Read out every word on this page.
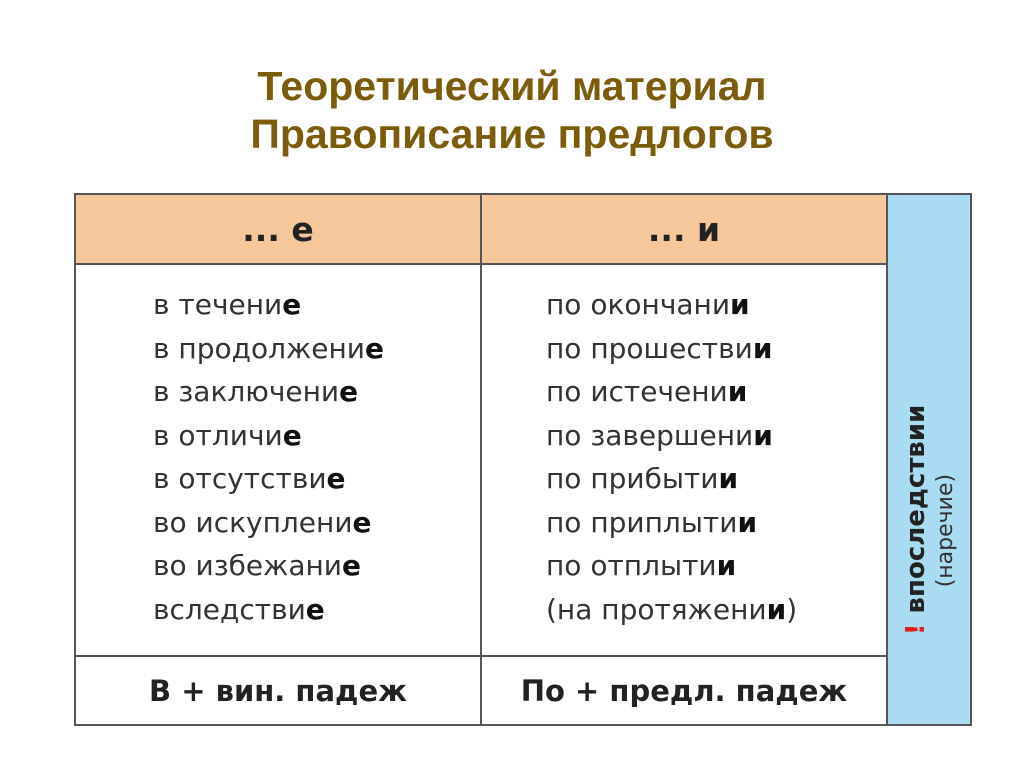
Теоретический материал
Правописание предлогов
... е	... и
в течение
в продолжение
в заключение
в отличие
в отсутствие
во искупление
во избежание
вследствие
по окончании
по прошествии
по истечении
по завершении
по прибытии
по приплытии
по отплытии
(на протяжении)
В + вин. падеж	По + предл. падеж
!впоследствии (наречие)
